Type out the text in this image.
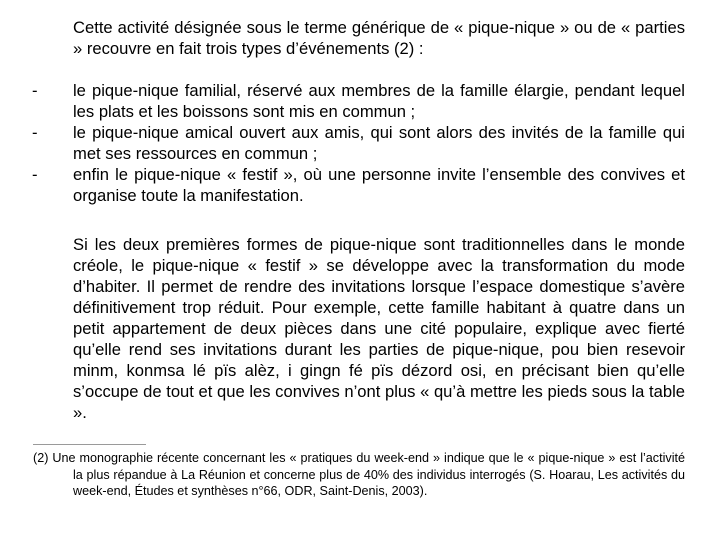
Cette activité désignée sous le terme générique de « pique-nique » ou de « parties » recouvre en fait trois types d’événements (2) :

- le pique-nique familial, réservé aux membres de la famille élargie, pendant lequel les plats et les boissons sont mis en commun ;

- le pique-nique amical ouvert aux amis, qui sont alors des invités de la famille qui met ses ressources en commun ;

- enfin le pique-nique « festif », où une personne invite l’ensemble des convives et organise toute la manifestation.

Si les deux premières formes de pique-nique sont traditionnelles dans le monde créole, le pique-nique « festif » se développe avec la transformation du mode d’habiter. Il permet de rendre des invitations lorsque l’espace domestique s’avère définitivement trop réduit. Pour exemple, cette famille habitant à quatre dans un petit appartement de deux pièces dans une cité populaire, explique avec fierté qu’elle rend ses invitations durant les parties de pique-nique, pou bien resevoir minm, konmsa lé pïs alèz, i gingn fé pïs dézord osi, en précisant bien qu’elle s’occupe de tout et que les convives n’ont plus « qu’à mettre les pieds sous la table ».

(2) Une monographie récente concernant les « pratiques du week-end » indique que le « pique-nique » est l’activité la plus répandue à La Réunion et concerne plus de 40% des individus interrogés (S. Hoarau, Les activités du week-end, Études et synthèses n°66, ODR, Saint-Denis, 2003).
